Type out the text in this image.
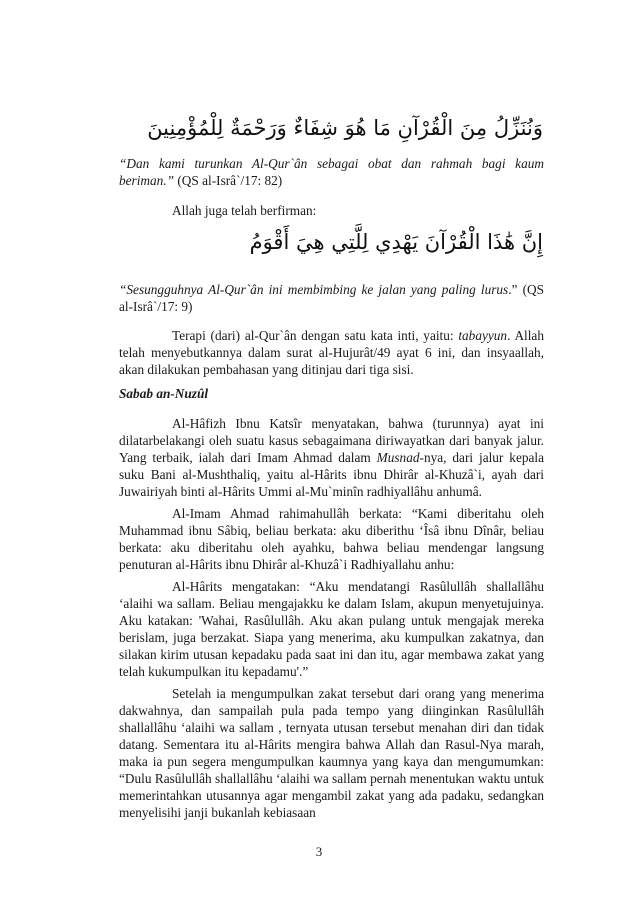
وَنُنَزِّلُ مِنَ الْقُرْآنِ مَا هُوَ شِفَاءٌ وَرَحْمَةٌ لِلْمُؤْمِنِينَ

“Dan kami turunkan Al-Qur`ân sebagai obat dan rahmah bagi kaum beriman.” (QS al-Isrâ`/17: 82)

Allah juga telah berfirman:

إِنَّ هَٰذَا الْقُرْآنَ يَهْدِي لِلَّتِي هِيَ أَقْوَمُ

“Sesungguhnya Al-Qur`ân ini membimbing ke jalan yang paling lurus.” (QS al-Isrâ`/17: 9)

Terapi (dari) al-Qur`ân dengan satu kata inti, yaitu: tabayyun. Allah telah menyebutkannya dalam surat al-Hujurât/49 ayat 6 ini, dan insyaallah, akan dilakukan pembahasan yang ditinjau dari tiga sisi.

Sabab an-Nuzûl

Al-Hâfizh Ibnu Katsîr menyatakan, bahwa (turunnya) ayat ini dilatarbelakangi oleh suatu kasus sebagaimana diriwayatkan dari banyak jalur. Yang terbaik, ialah dari Imam Ahmad dalam Musnad-nya, dari jalur kepala suku Bani al-Mushthaliq, yaitu al-Hârits ibnu Dhirâr al-Khuzâ`i, ayah dari Juwairiyah binti al-Hârits Ummi al-Mu`minîn radhiyallâhu anhumâ.

Al-Imam Ahmad rahimahullâh berkata: “Kami diberitahu oleh Muhammad ibnu Sâbiq, beliau berkata: aku diberithu ‘Îsâ ibnu Dînâr, beliau berkata: aku diberitahu oleh ayahku, bahwa beliau mendengar langsung penuturan al-Hârits ibnu Dhirâr al-Khuzâ`i Radhiyallahu anhu:

Al-Hârits mengatakan: “Aku mendatangi Rasûlullâh shallallâhu ‘alaihi wa sallam. Beliau mengajakku ke dalam Islam, akupun menyetujuinya. Aku katakan: 'Wahai, Rasûlullâh. Aku akan pulang untuk mengajak mereka berislam, juga berzakat. Siapa yang menerima, aku kumpulkan zakatnya, dan silakan kirim utusan kepadaku pada saat ini dan itu, agar membawa zakat yang telah kukumpulkan itu kepadamu'.”

Setelah ia mengumpulkan zakat tersebut dari orang yang menerima dakwahnya, dan sampailah pula pada tempo yang diinginkan Rasûlullâh shallallâhu ‘alaihi wa sallam , ternyata utusan tersebut menahan diri dan tidak datang. Sementara itu al-Hârits mengira bahwa Allah dan Rasul-Nya marah, maka ia pun segera mengumpulkan kaumnya yang kaya dan mengumumkan: “Dulu Rasûlullâh shallallâhu ‘alaihi wa sallam pernah menentukan waktu untuk memerintahkan utusannya agar mengambil zakat yang ada padaku, sedangkan menyelisihi janji bukanlah kebiasaan

3
